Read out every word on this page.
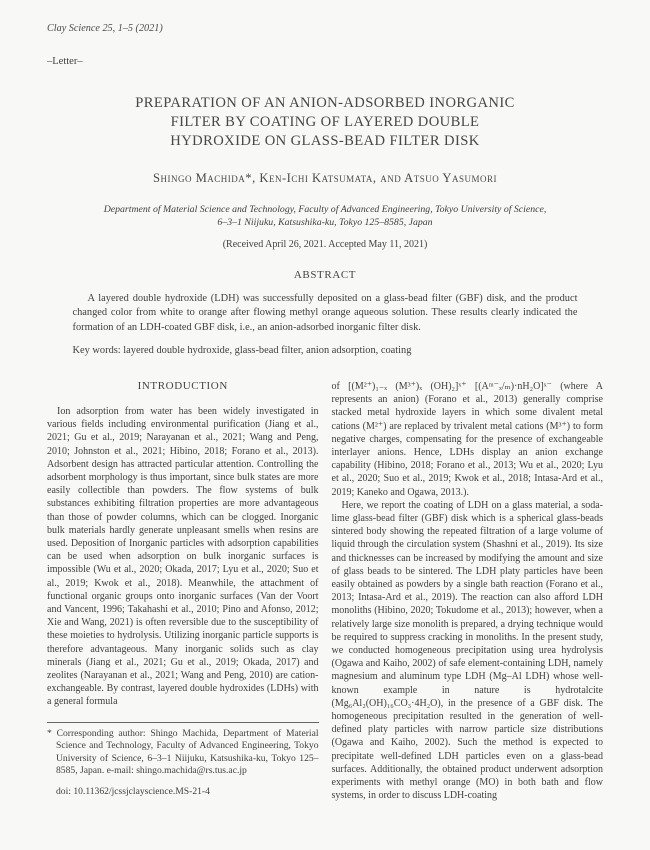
Clay Science 25, 1–5 (2021)
–Letter–
PREPARATION OF AN ANION-ADSORBED INORGANIC
FILTER BY COATING OF LAYERED DOUBLE
HYDROXIDE ON GLASS-BEAD FILTER DISK
Shingo Machida*, Ken-Ichi Katsumata, and Atsuo Yasumori
Department of Material Science and Technology, Faculty of Advanced Engineering, Tokyo University of Science,
6–3–1 Niijuku, Katsushika-ku, Tokyo 125–8585, Japan
(Received April 26, 2021. Accepted May 11, 2021)
ABSTRACT
A layered double hydroxide (LDH) was successfully deposited on a glass-bead filter (GBF) disk, and the product changed color from white to orange after flowing methyl orange aqueous solution. These results clearly indicated the formation of an LDH-coated GBF disk, i.e., an anion-adsorbed inorganic filter disk.
Key words: layered double hydroxide, glass-bead filter, anion adsorption, coating
INTRODUCTION

Ion adsorption from water has been widely investigated in various fields including environmental purification (Jiang et al., 2021; Gu et al., 2019; Narayanan et al., 2021; Wang and Peng, 2010; Johnston et al., 2021; Hibino, 2018; Forano et al., 2013). Adsorbent design has attracted particular attention. Controlling the adsorbent morphology is thus important, since bulk states are more easily collectible than powders. The flow systems of bulk substances exhibiting filtration properties are more advantageous than those of powder columns, which can be clogged. Inorganic bulk materials hardly generate unpleasant smells when resins are used. Deposition of Inorganic particles with adsorption capabilities can be used when adsorption on bulk inorganic surfaces is impossible (Wu et al., 2020; Okada, 2017; Lyu et al., 2020; Suo et al., 2019; Kwok et al., 2018). Meanwhile, the attachment of functional organic groups onto inorganic surfaces (Van der Voort and Vancent, 1996; Takahashi et al., 2010; Pino and Afonso, 2012; Xie and Wang, 2021) is often reversible due to the susceptibility of these moieties to hydrolysis. Utilizing inorganic particle supports is therefore advantageous. Many inorganic solids such as clay minerals (Jiang et al., 2021; Gu et al., 2019; Okada, 2017) and zeolites (Narayanan et al., 2021; Wang and Peng, 2010) are cation-exchangeable. By contrast, layered double hydroxides (LDHs) with a general formula

* Corresponding author: Shingo Machida, Department of Material Science and Technology, Faculty of Advanced Engineering, Tokyo University of Science, 6–3–1 Niijuku, Katsushika-ku, Tokyo 125–8585, Japan. e-mail: shingo.machida@rs.tus.ac.jp
doi: 10.11362/jcssjclayscience.MS-21-4

of [(M²⁺)₁₋ₓ (M³⁺)ₓ (OH)₂]ˣ⁺ [(Aᵐ⁻ₓ/ₘ)·nH₂O]ˣ⁻ (where A represents an anion) (Forano et al., 2013) generally comprise stacked metal hydroxide layers in which some divalent metal cations (M²⁺) are replaced by trivalent metal cations (M³⁺) to form negative charges, compensating for the presence of exchangeable interlayer anions. Hence, LDHs display an anion exchange capability (Hibino, 2018; Forano et al., 2013; Wu et al., 2020; Lyu et al., 2020; Suo et al., 2019; Kwok et al., 2018; Intasa-Ard et al., 2019; Kaneko and Ogawa, 2013.).

Here, we report the coating of LDH on a glass material, a soda-lime glass-bead filter (GBF) disk which is a spherical glass-beads sintered body showing the repeated filtration of a large volume of liquid through the circulation system (Shashni et al., 2019). Its size and thicknesses can be increased by modifying the amount and size of glass beads to be sintered. The LDH platy particles have been easily obtained as powders by a single bath reaction (Forano et al., 2013; Intasa-Ard et al., 2019). The reaction can also afford LDH monoliths (Hibino, 2020; Tokudome et al., 2013); however, when a relatively large size monolith is prepared, a drying technique would be required to suppress cracking in monoliths. In the present study, we conducted homogeneous precipitation using urea hydrolysis (Ogawa and Kaiho, 2002) of safe element-containing LDH, namely magnesium and aluminum type LDH (Mg–Al LDH) whose well-known example in nature is hydrotalcite (Mg₆Al₂(OH)₁₆CO₃·4H₂O), in the presence of a GBF disk. The homogeneous precipitation resulted in the generation of well-defined platy particles with narrow particle size distributions (Ogawa and Kaiho, 2002). Such the method is expected to precipitate well-defined LDH particles even on a glass-bead surfaces. Additionally, the obtained product underwent adsorption experiments with methyl orange (MO) in both bath and flow systems, in order to discuss LDH-coating
